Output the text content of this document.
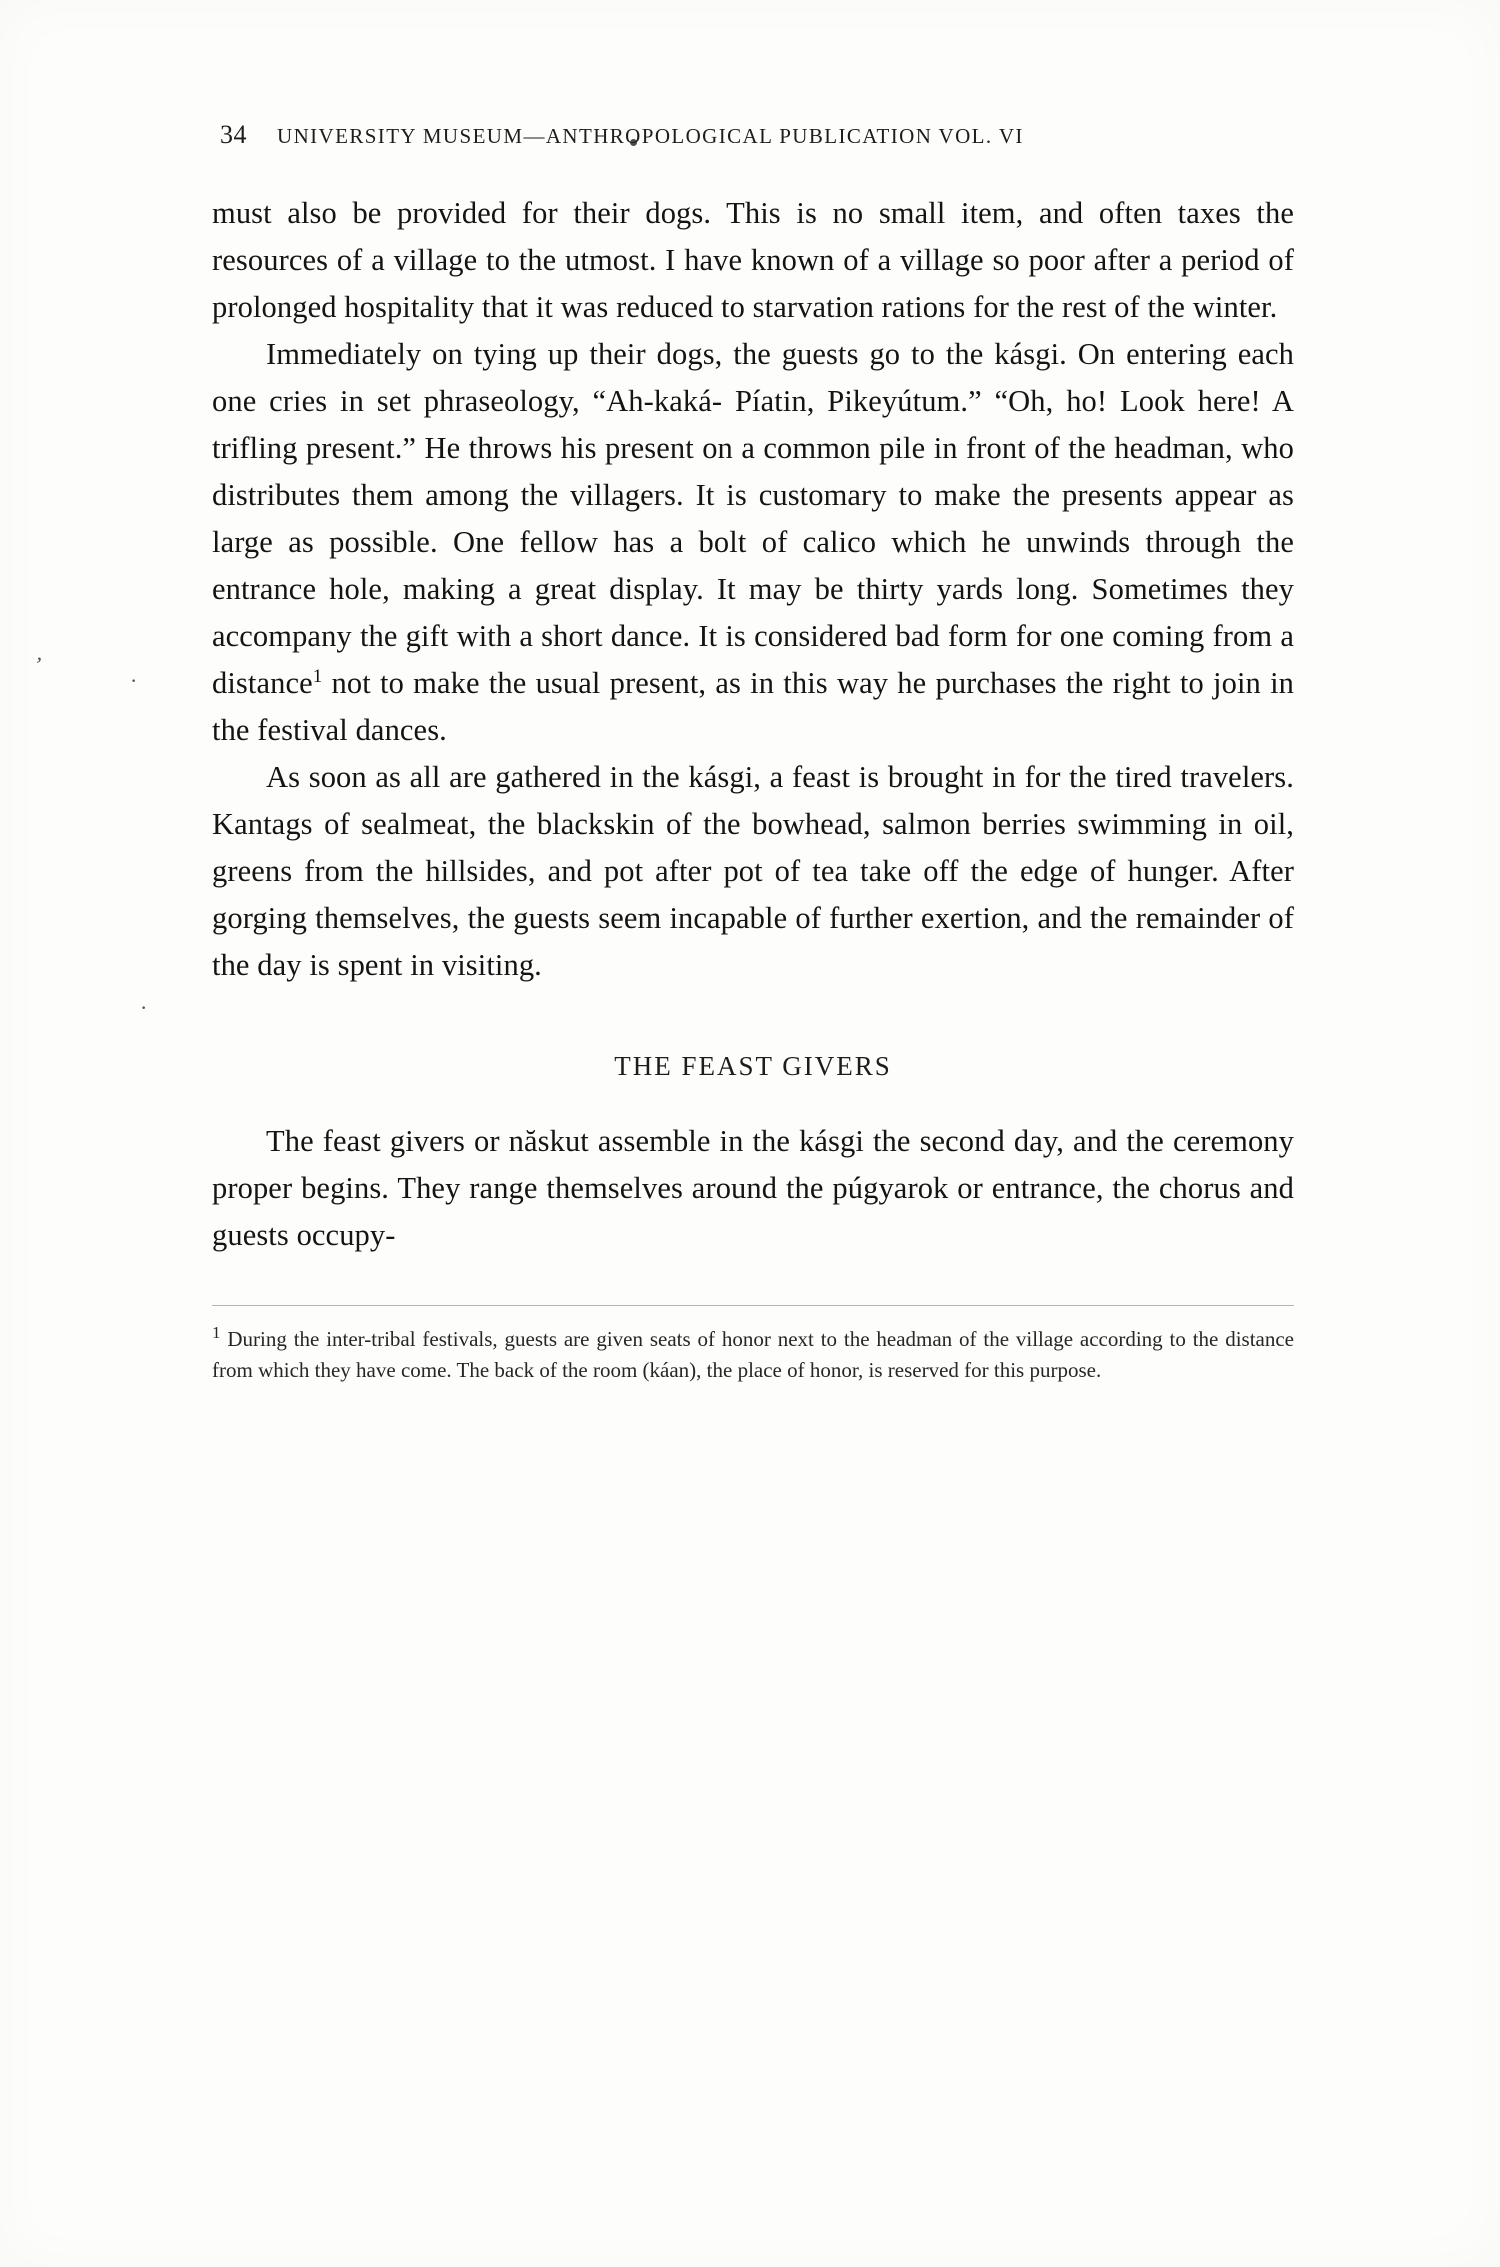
,
·
·
34 UNIVERSITY MUSEUM—ANTHROPOLOGICAL PUBLICATION VOL. VI

must also be provided for their dogs. This is no small item, and often taxes the resources of a village to the utmost. I have known of a village so poor after a period of prolonged hospitality that it was reduced to starvation rations for the rest of the winter.

Immediately on tying up their dogs, the guests go to the kásgi. On entering each one cries in set phraseology, “Ah-kaká- Píatin, Pikeyútum.” “Oh, ho! Look here! A trifling present.” He throws his present on a common pile in front of the headman, who distributes them among the villagers. It is customary to make the presents appear as large as possible. One fellow has a bolt of calico which he unwinds through the entrance hole, making a great display. It may be thirty yards long. Sometimes they accompany the gift with a short dance. It is considered bad form for one coming from a distance$^1$ not to make the usual present, as in this way he purchases the right to join in the festival dances.

As soon as all are gathered in the kásgi, a feast is brought in for the tired travelers. Kantags of sealmeat, the blackskin of the bowhead, salmon berries swimming in oil, greens from the hillsides, and pot after pot of tea take off the edge of hunger. After gorging themselves, the guests seem incapable of further exertion, and the remainder of the day is spent in visiting.

THE FEAST GIVERS

The feast givers or năskut assemble in the kásgi the second day, and the ceremony proper begins. They range themselves around the púgyarok or entrance, the chorus and guests occupy-

$^1$ During the inter-tribal festivals, guests are given seats of honor next to the headman of the village according to the distance from which they have come. The back of the room (káan), the place of honor, is reserved for this purpose.
